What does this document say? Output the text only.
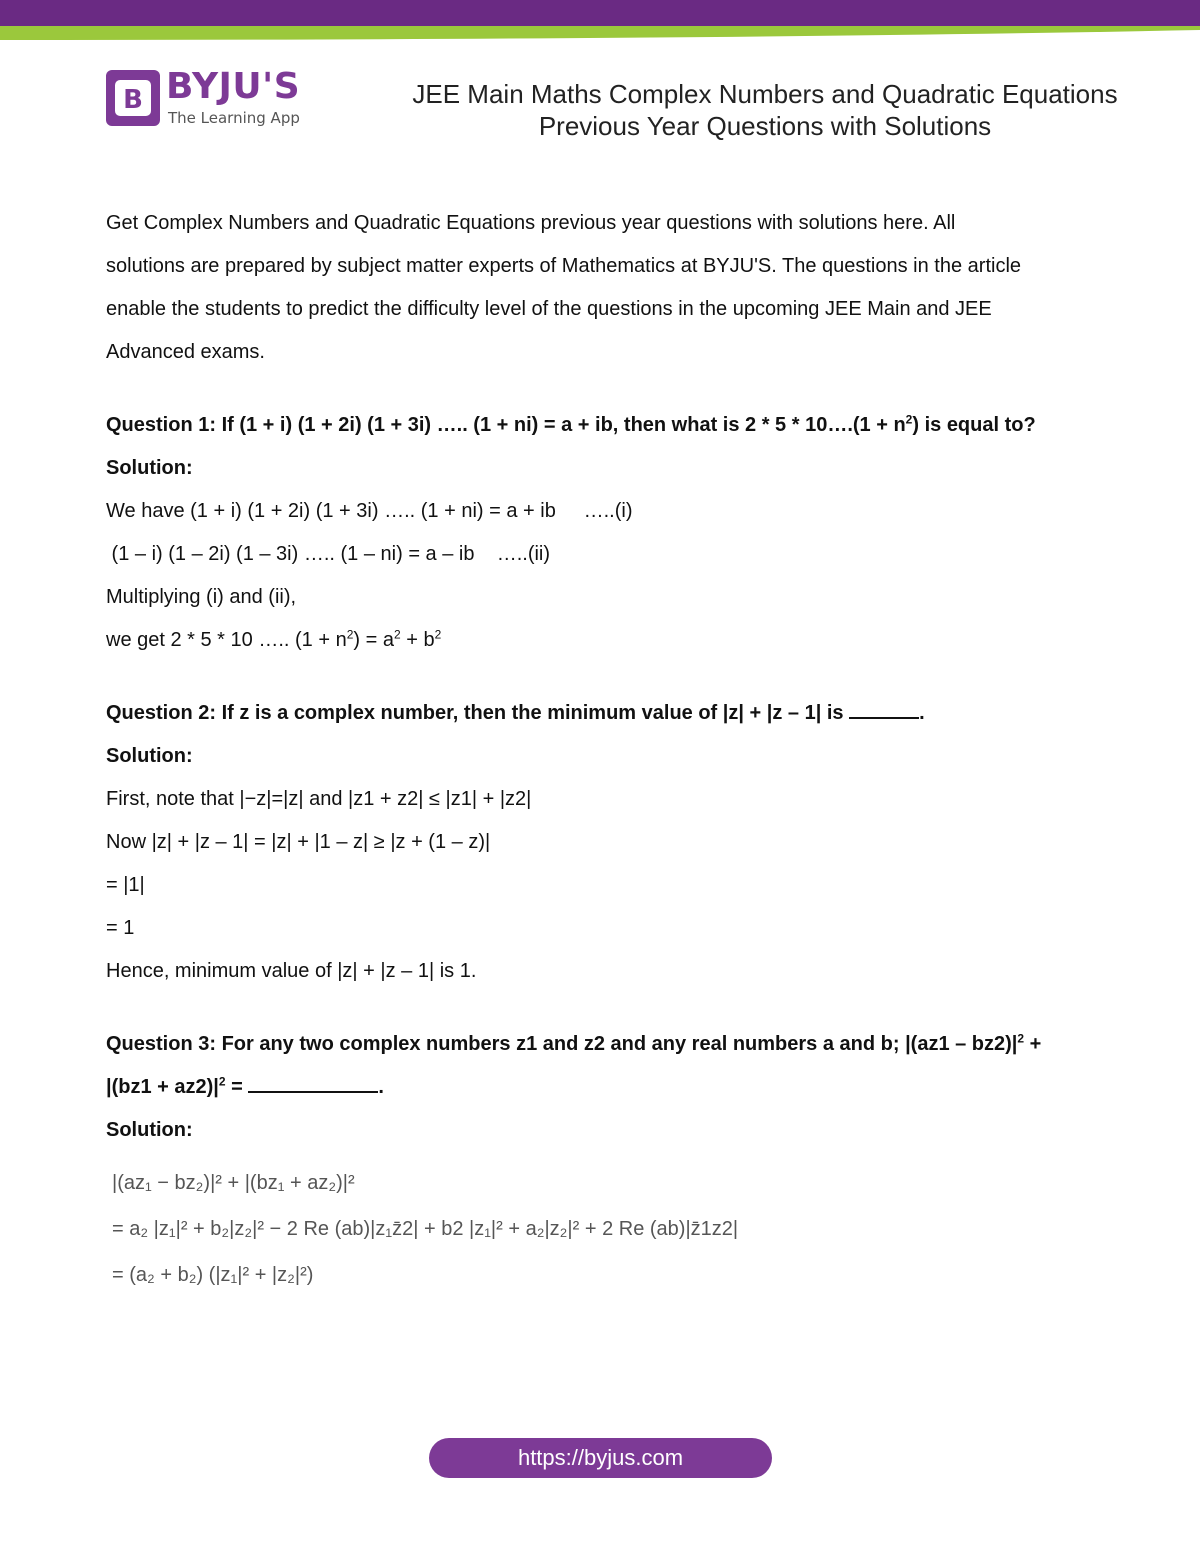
B BYJU'S
The Learning App
JEE Main Maths Complex Numbers and Quadratic Equations
Previous Year Questions with Solutions
Get Complex Numbers and Quadratic Equations previous year questions with solutions here. All
solutions are prepared by subject matter experts of Mathematics at BYJU'S. The questions in the article
enable the students to predict the difficulty level of the questions in the upcoming JEE Main and JEE
Advanced exams.
Question 1: If (1 + i) (1 + 2i) (1 + 3i) ….. (1 + ni) = a + ib, then what is 2 * 5 * 10….(1 + $n^2$) is equal to?
Solution:
We have (1 + i) (1 + 2i) (1 + 3i) ….. (1 + ni) = a + ib     …..(i)
(1 – i) (1 – 2i) (1 – 3i) ….. (1 – ni) = a – ib    …..(ii)
Multiplying (i) and (ii),
we get 2 * 5 * 10 ….. $(1 + n^2) = a^2 + b^2$
Question 2: If z is a complex number, then the minimum value of |z| + |z – 1| is	.
Solution:
First, note that |−z|=|z| and |z1 + z2| ≤ |z1| + |z2|
Now |z| + |z – 1| = |z| + |1 – z| ≥ |z + (1 – z)|
= |1|
= 1
Hence, minimum value of |z| + |z – 1| is 1.
Question 3: For any two complex numbers z1 and z2 and any real numbers a and b; $|(az1 - bz2)|^2$ +
$|(bz1 + az2)|^2$ =	.
Solution:
|(az₁ − bz₂)|² + |(bz₁ + az₂)|²
= a₂ |z₁|² + b₂|z₂|² − 2 Re (ab)|z₁z̄2| + b2 |z₁|² + a₂|z₂|² + 2 Re (ab)|z̄1z2|
= (a₂ + b₂) (|z₁|² + |z₂|²)
https://byjus.com
